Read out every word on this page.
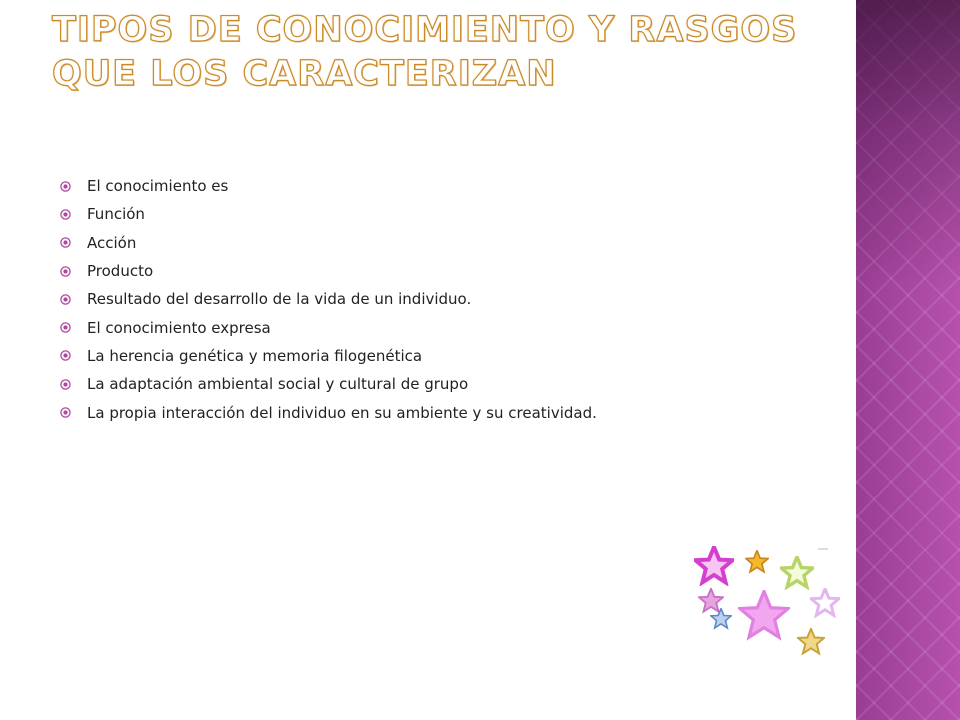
TIPOS DE CONOCIMIENTO Y RASGOS QUE LOS CARACTERIZAN
El conocimiento es
Función
Acción
Producto
Resultado del desarrollo de la vida de un individuo.
El conocimiento expresa
La herencia genética y memoria filogenética
La adaptación ambiental social y cultural de grupo
La propia interacción del individuo en su ambiente y su creatividad.
